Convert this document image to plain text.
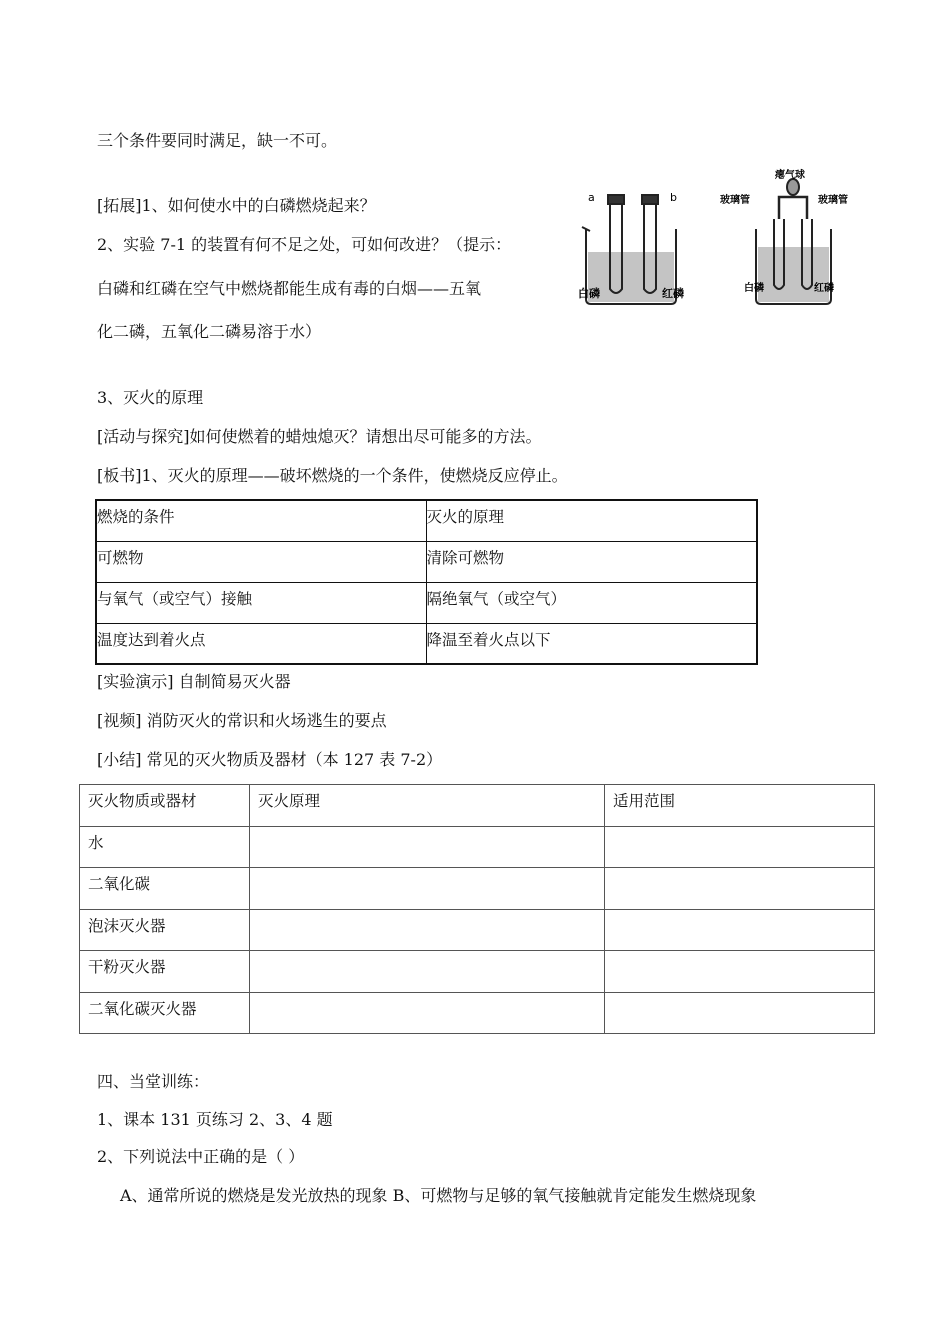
三个条件要同时满足，缺一不可。
[拓展]1、如何使水中的白磷燃烧起来？
2、实验 7-1 的装置有何不足之处，可如何改进？（提示：
白磷和红磷在空气中燃烧都能生成有毒的白烟——五氧
化二磷，五氧化二磷易溶于水）
3、灭火的原理
[活动与探究]如何使燃着的蜡烛熄灭？请想出尽可能多的方法。
[板书]1、灭火的原理——破坏燃烧的一个条件，使燃烧反应停止。
a	b
白磷	红磷
瘪气球
玻璃管	玻璃管
白磷	红磷
燃烧的条件	灭火的原理
可燃物	清除可燃物
与氧气（或空气）接触	隔绝氧气（或空气）
温度达到着火点	降温至着火点以下
[实验演示] 自制简易灭火器
[视频] 消防灭火的常识和火场逃生的要点
[小结] 常见的灭火物质及器材（本 127 表 7-2）
灭火物质或器材	灭火原理	适用范围
水		
二氧化碳		
泡沫灭火器		
干粉灭火器		
二氧化碳灭火器		
四、当堂训练：
1、课本 131 页练习 2、3、4 题
2、下列说法中正确的是（ ）
A、通常所说的燃烧是发光放热的现象 B、可燃物与足够的氧气接触就肯定能发生燃烧现象
